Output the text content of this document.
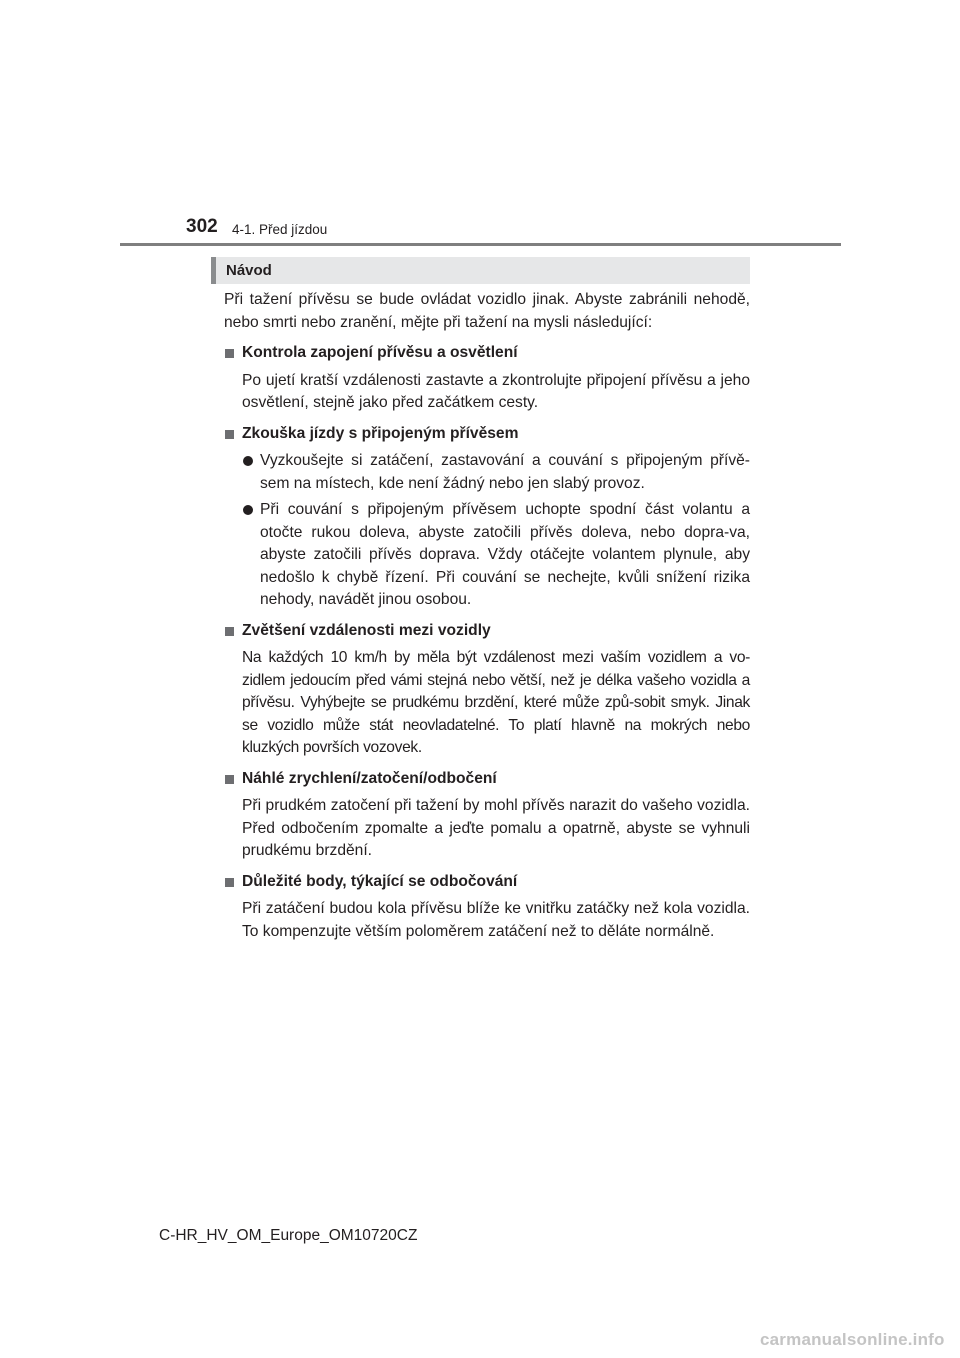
302 4-1. Před jízdou
Návod

Při tažení přívěsu se bude ovládat vozidlo jinak. Abyste zabránili nehodě, nebo smrti nebo zranění, mějte při tažení na mysli následující:

Kontrola zapojení přívěsu a osvětlení

Po ujetí kratší vzdálenosti zastavte a zkontrolujte připojení přívěsu a jeho osvětlení, stejně jako před začátkem cesty.

Zkouška jízdy s připojeným přívěsem

Vyzkoušejte si zatáčení, zastavování a couvání s připojeným přívě-sem na místech, kde není žádný nebo jen slabý provoz.

Při couvání s připojeným přívěsem uchopte spodní část volantu a otočte rukou doleva, abyste zatočili přívěs doleva, nebo dopra-va, abyste zatočili přívěs doprava. Vždy otáčejte volantem plynule, aby nedošlo k chybě řízení. Při couvání se nechejte, kvůli snížení rizika nehody, navádět jinou osobou.

Zvětšení vzdálenosti mezi vozidly

Na každých 10 km/h by měla být vzdálenost mezi vaším vozidlem a vo-zidlem jedoucím před vámi stejná nebo větší, než je délka vašeho vozidla a přívěsu. Vyhýbejte se prudkému brzdění, které může způ-sobit smyk. Jinak se vozidlo může stát neovladatelné. To platí hlavně na mokrých nebo kluzkých površích vozovek.

Náhlé zrychlení/zatočení/odbočení

Při prudkém zatočení při tažení by mohl přívěs narazit do vašeho vozidla. Před odbočením zpomalte a jeďte pomalu a opatrně, abyste se vyhnuli prudkému brzdění.

Důležité body, týkající se odbočování

Při zatáčení budou kola přívěsu blíže ke vnitřku zatáčky než kola vozidla. To kompenzujte větším poloměrem zatáčení než to děláte normálně.

C-HR_HV_OM_Europe_OM10720CZ
carmanualsonline.info
